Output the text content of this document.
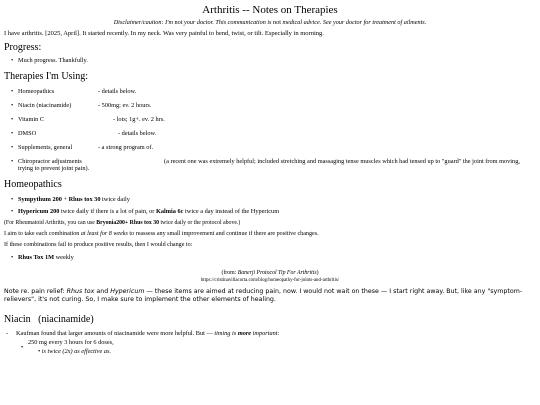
Arthritis -- Notes on Therapies
Disclaimer/caution: I'm not your doctor. This communication is not medical advice. See your doctor for treatment of ailments.
I have arthritis. [2025, April]. It started recently. In my neck. Was very painful to bend, twist, or tilt. Especially in morning.
Progress:
• Much progress. Thankfully.
Therapies I'm Using:
• Homeopathics	- details below.
• Niacin (niacinamide)	- 500mg; ev. 2 hours.
• Vitamin C	- lots; 1g+. ev. 2 hrs.
• DMSO	- details below.
• Supplements, general	- a strong program of.
• Chiropractor adjustments	(a recent one was extremely helpful; included stretching and massaging tense muscles which had tensed up to "guard" the joint from moving, trying to prevent joint pain).
Homeopathics
• Sympythum 200 + Rhus tox 30 twice daily
• Hypericum 200 twice daily if there is a lot of pain, or Kalmia 6c twice a day instead of the Hypericum
(For Rheumatoid Arthritis, you can use Bryonia200+ Rhus tox 30 twice daily or the protocol above.)
I aim to take each combination at least for 8 weeks to reassess any small improvement and continue if there are positive changes.
If these combinations fail to produce positive results, then I would change to:
• Rhus Tox 1M weekly
(from: Banerji Protocol Tip For Arthritis)
https://cristinavillacorta.com/blog/homeopathy-for-joints-and-arthritis/
Note re. pain relief: Rhus tox and Hypericum — these items are aimed at reducing pain, now. I would not wait on these — I start right away. But, like any "symptom-relievers", it's not curing. So, I make sure to implement the other elements of healing.
Niacin   (niacinamide)
- Kaufman found that larger amounts of niacinamide were more helpful. But — timing is more important:
250 mg every 3 hours for 6 doses,
• is twice (2x) as effective as.
